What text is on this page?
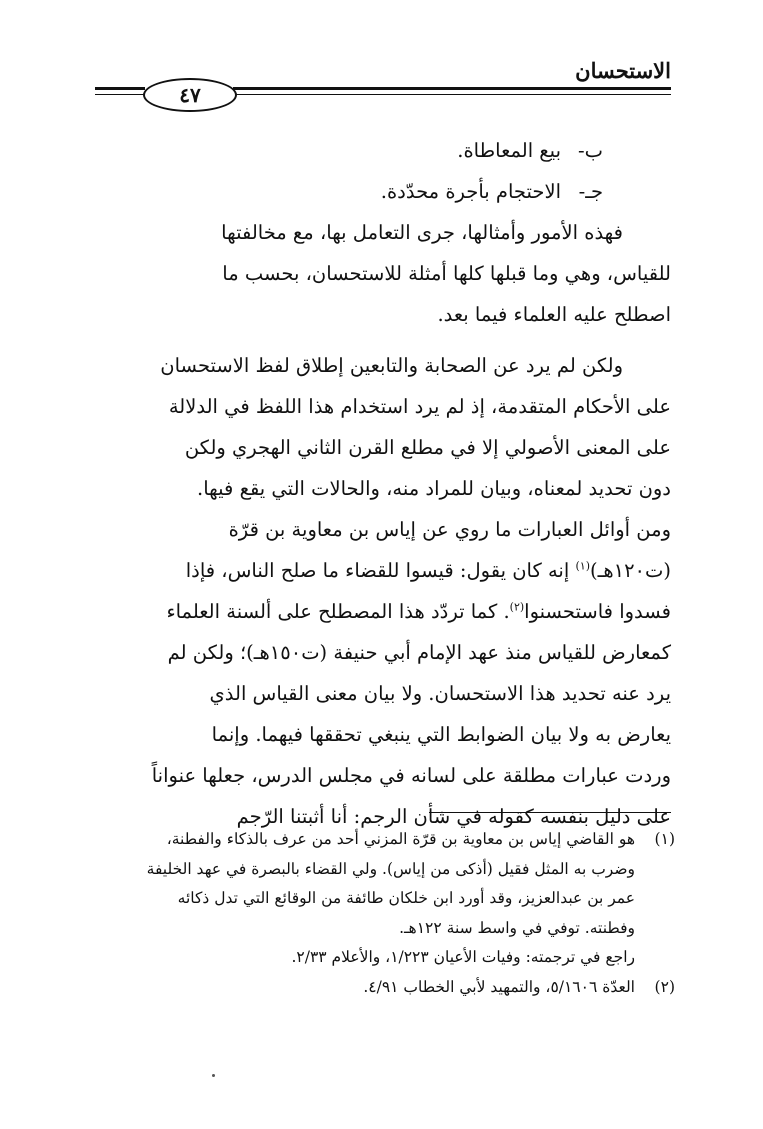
الاستحسان
٤٧
ب-بيع المعاطاة.
جـ-الاحتجام بأجرة محدّدة.

فهذه الأمور وأمثالها، جرى التعامل بها، مع مخالفتها
للقياس، وهي وما قبلها كلها أمثلة للاستحسان، بحسب ما
اصطلح عليه العلماء فيما بعد.

ولكن لم يرد عن الصحابة والتابعين إطلاق لفظ الاستحسان
على الأحكام المتقدمة، إذ لم يرد استخدام هذا اللفظ في الدلالة
على المعنى الأصولي إلا في مطلع القرن الثاني الهجري ولكن
دون تحديد لمعناه، وبيان للمراد منه، والحالات التي يقع فيها.
ومن أوائل العبارات ما روي عن إياس بن معاوية بن قرّة
(ت١٢٠هـ)$^{(١)}$ إنه كان يقول: قيسوا للقضاء ما صلح الناس، فإذا
فسدوا فاستحسنوا$^{(٢)}$. كما تردّد هذا المصطلح على ألسنة العلماء
كمعارض للقياس منذ عهد الإمام أبي حنيفة (ت١٥٠هـ)؛ ولكن لم
يرد عنه تحديد هذا الاستحسان. ولا بيان معنى القياس الذي
يعارض به ولا بيان الضوابط التي ينبغي تحققها فيهما. وإنما
وردت عبارات مطلقة على لسانه في مجلس الدرس، جعلها عنواناً
على دليل بنفسه كقوله في شأن الرجم: أنا أثبتنا الرّجم

(١)
هو القاضي إياس بن معاوية بن قرّة المزني أحد من عرف بالذكاء والفطنة،
وضرب به المثل فقيل (أذكى من إياس). ولي القضاء بالبصرة في عهد الخليفة
عمر بن عبدالعزيز، وقد أورد ابن خلكان طائفة من الوقائع التي تدل ذكائه
وفطنته. توفي في واسط سنة ١٢٢هـ.
راجع في ترجمته: وفيات الأعيان ١/٢٢٣، والأعلام ٢/٣٣.
(٢)
العدّة ٥/١٦٠٦، والتمهيد لأبي الخطاب ٤/٩١.
